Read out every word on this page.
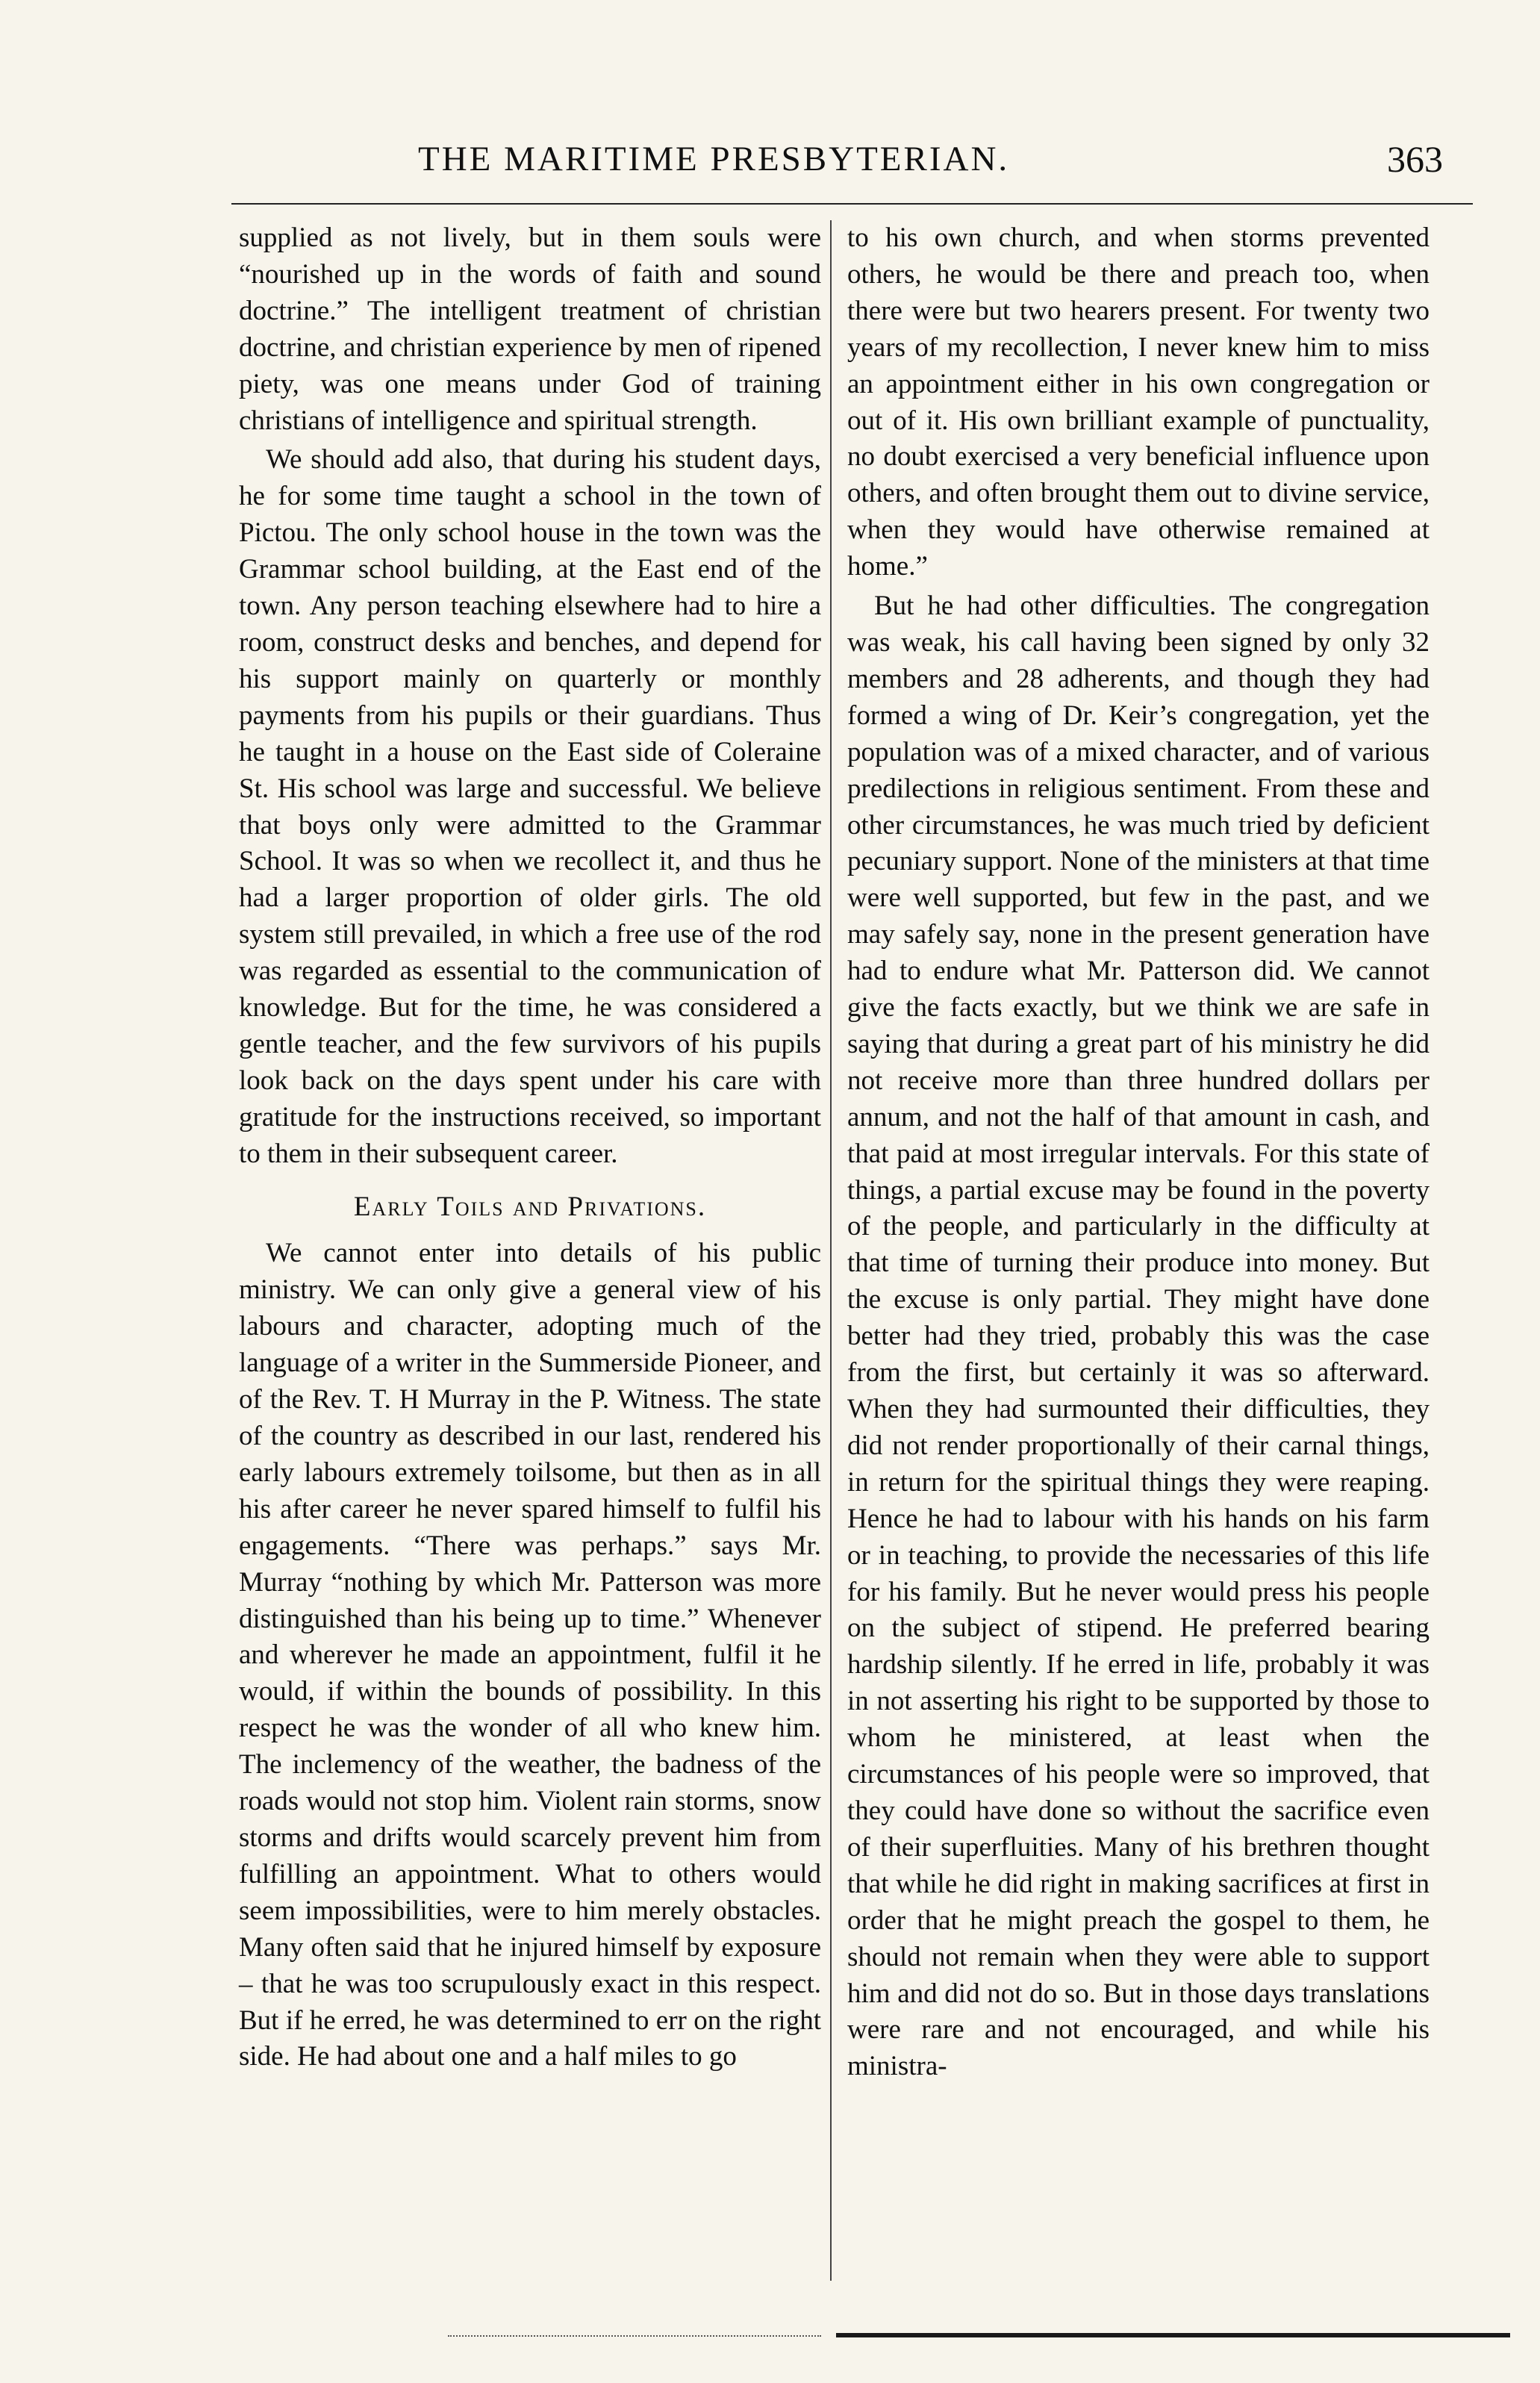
THE MARITIME PRESBYTERIAN.	363

supplied as not lively, but in them souls were “nourished up in the words of faith and sound doctrine.” The intelligent treatment of christian doctrine, and christian experience by men of ripened piety, was one means under God of training christians of intelligence and spiritual strength.

We should add also, that during his student days, he for some time taught a school in the town of Pictou. The only school house in the town was the Grammar school building, at the East end of the town. Any person teaching elsewhere had to hire a room, construct desks and benches, and depend for his support mainly on quarterly or monthly payments from his pupils or their guardians. Thus he taught in a house on the East side of Coleraine St. His school was large and successful. We believe that boys only were admitted to the Grammar School. It was so when we recollect it, and thus he had a larger proportion of older girls. The old system still prevailed, in which a free use of the rod was regarded as essential to the communication of knowledge. But for the time, he was considered a gentle teacher, and the few survivors of his pupils look back on the days spent under his care with gratitude for the instructions received, so important to them in their subsequent career.

Early Toils and Privations.

We cannot enter into details of his public ministry. We can only give a general view of his labours and character, adopting much of the language of a writer in the Summerside Pioneer, and of the Rev. T. H Murray in the P. Witness. The state of the country as described in our last, rendered his early labours extremely toilsome, but then as in all his after career he never spared himself to fulfil his engagements. “There was perhaps.” says Mr. Murray “nothing by which Mr. Patterson was more distinguished than his being up to time.” Whenever and wherever he made an appointment, fulfil it he would, if within the bounds of possibility. In this respect he was the wonder of all who knew him. The inclemency of the weather, the badness of the roads would not stop him. Violent rain storms, snow storms and drifts would scarcely prevent him from fulfilling an appointment. What to others would seem impossibilities, were to him merely obstacles. Many often said that he injured himself by exposure – that he was too scrupulously exact in this respect. But if he erred, he was determined to err on the right side. He had about one and a half miles to go

to his own church, and when storms prevented others, he would be there and preach too, when there were but two hearers present. For twenty two years of my recollection, I never knew him to miss an appointment either in his own congregation or out of it. His own brilliant example of punctuality, no doubt exercised a very beneficial influence upon others, and often brought them out to divine service, when they would have otherwise remained at home.”

But he had other difficulties. The congregation was weak, his call having been signed by only 32 members and 28 adherents, and though they had formed a wing of Dr. Keir’s congregation, yet the population was of a mixed character, and of various predilections in religious sentiment. From these and other circumstances, he was much tried by deficient pecuniary support. None of the ministers at that time were well supported, but few in the past, and we may safely say, none in the present generation have had to endure what Mr. Patterson did. We cannot give the facts exactly, but we think we are safe in saying that during a great part of his ministry he did not receive more than three hundred dollars per annum, and not the half of that amount in cash, and that paid at most irregular intervals. For this state of things, a partial excuse may be found in the poverty of the people, and particularly in the difficulty at that time of turning their produce into money. But the excuse is only partial. They might have done better had they tried, probably this was the case from the first, but certainly it was so afterward. When they had surmounted their difficulties, they did not render proportionally of their carnal things, in return for the spiritual things they were reaping. Hence he had to labour with his hands on his farm or in teaching, to provide the necessaries of this life for his family. But he never would press his people on the subject of stipend. He preferred bearing hardship silently. If he erred in life, probably it was in not asserting his right to be supported by those to whom he ministered, at least when the circumstances of his people were so improved, that they could have done so without the sacrifice even of their superfluities. Many of his brethren thought that while he did right in making sacrifices at first in order that he might preach the gospel to them, he should not remain when they were able to support him and did not do so. But in those days translations were rare and not encouraged, and while his ministra-
